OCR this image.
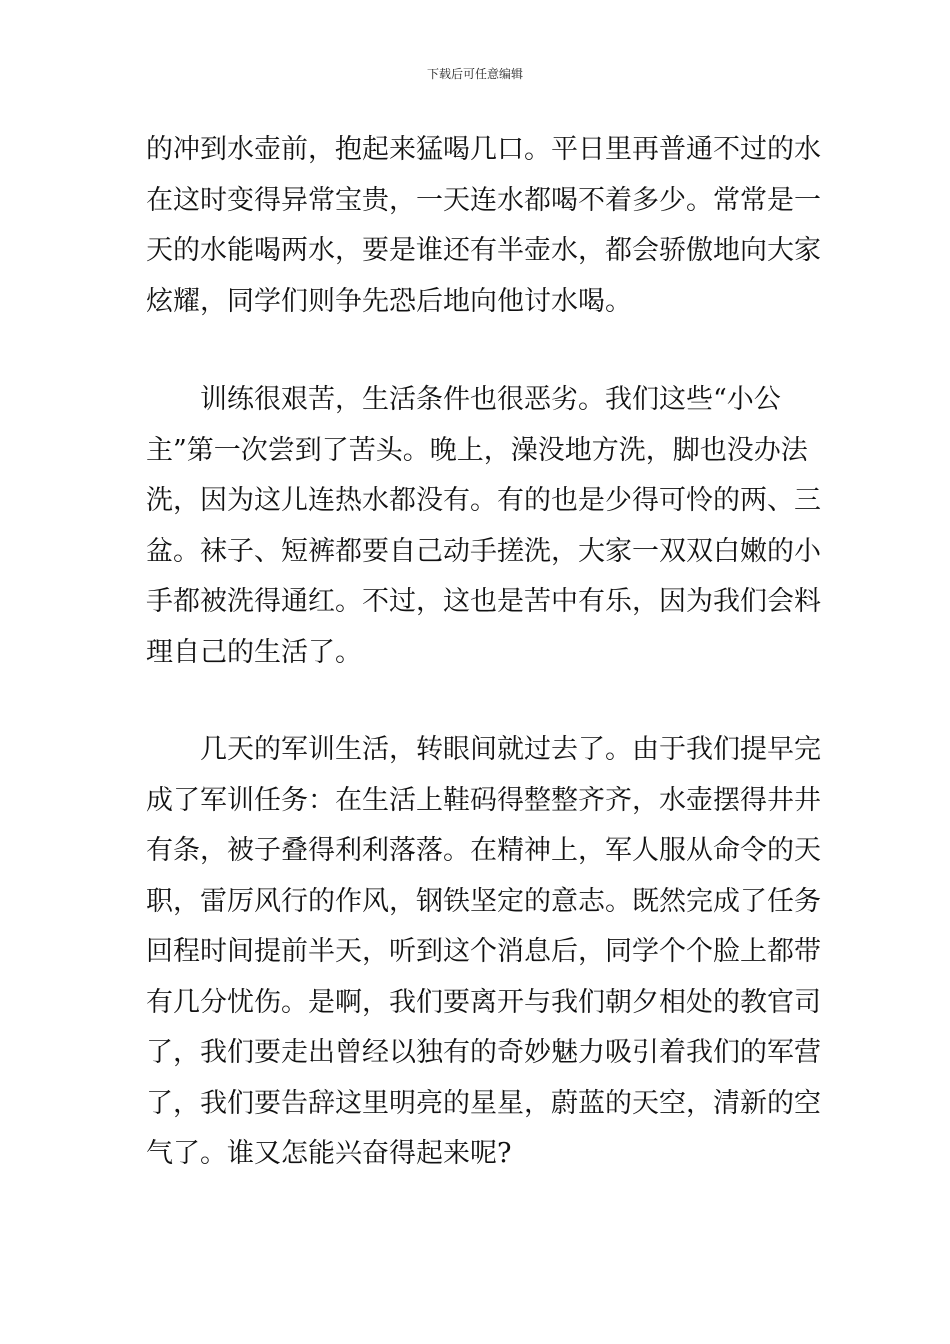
下载后可任意编辑
的冲到水壶前，抱起来猛喝几口。平日里再普通不过的水
在这时变得异常宝贵，一天连水都喝不着多少。常常是一
天的水能喝两水，要是谁还有半壶水，都会骄傲地向大家
炫耀，同学们则争先恐后地向他讨水喝。
训练很艰苦，生活条件也很恶劣。我们这些“小公
主”第一次尝到了苦头。晚上，澡没地方洗，脚也没办法
洗，因为这儿连热水都没有。有的也是少得可怜的两、三
盆。袜子、短裤都要自己动手搓洗，大家一双双白嫩的小
手都被洗得通红。不过，这也是苦中有乐，因为我们会料
理自己的生活了。
几天的军训生活，转眼间就过去了。由于我们提早完
成了军训任务：在生活上鞋码得整整齐齐，水壶摆得井井
有条，被子叠得利利落落。在精神上，军人服从命令的天
职，雷厉风行的作风，钢铁坚定的意志。既然完成了任务
回程时间提前半天，听到这个消息后，同学个个脸上都带
有几分忧伤。是啊，我们要离开与我们朝夕相处的教官司
了，我们要走出曾经以独有的奇妙魅力吸引着我们的军营
了，我们要告辞这里明亮的星星，蔚蓝的天空，清新的空
气了。谁又怎能兴奋得起来呢?
